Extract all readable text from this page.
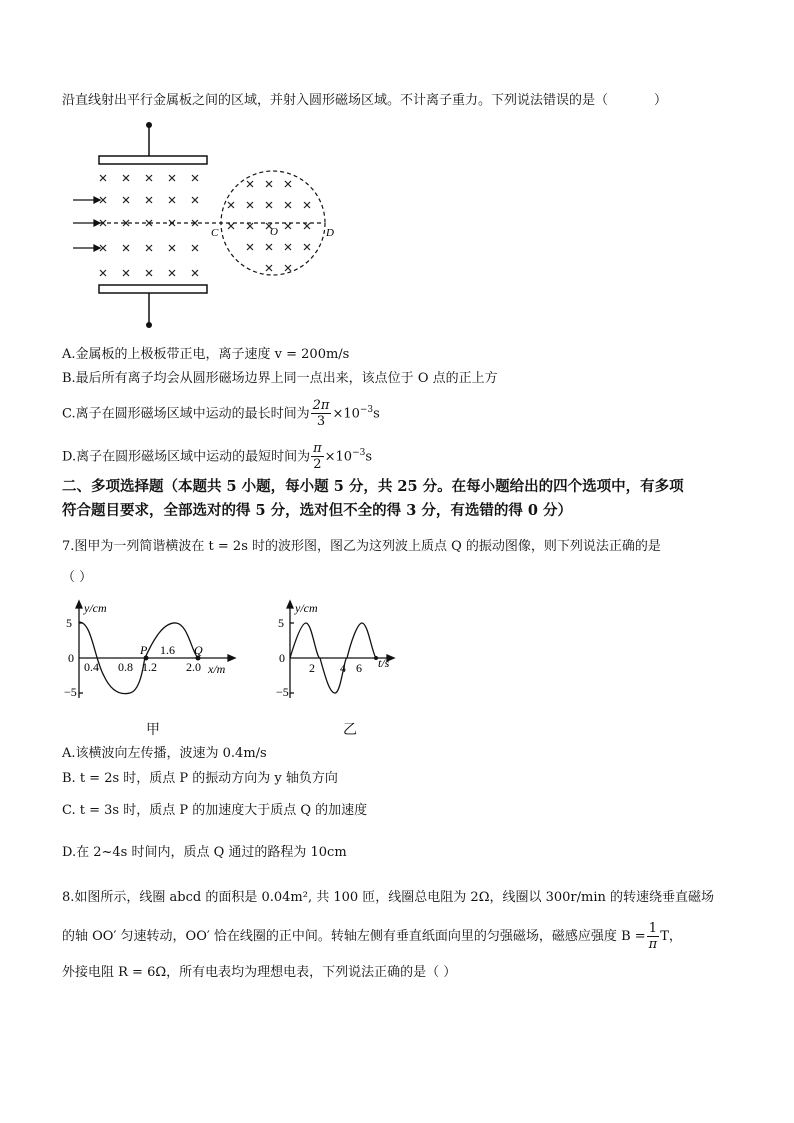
沿直线射出平行金属板之间的区域，并射入圆形磁场区域。不计离子重力。下列说法错误的是（	）
C	O	D
A.金属板的上极板带正电，离子速度 v = 200m/s
B.最后所有离子均会从圆形磁场边界上同一点出来，该点位于 O 点的正上方
C.离子在圆形磁场区域中运动的最长时间为 $\frac{2\pi}{3} \times 10^{-3}s$
D.离子在圆形磁场区域中运动的最短时间为 $\frac{\pi}{2} \times 10^{-3}s$
二、多项选择题（本题共 5 小题，每小题 5 分，共 25 分。在每小题给出的四个选项中，有多项
符合题目要求，全部选对的得 5 分，选对但不全的得 3 分，有选错的得 0 分）
7.图甲为一列简谐横波在 t = 2s 时的波形图，图乙为这列波上质点 Q 的振动图像，则下列说法正确的是
（ ）
y/cm
5
0
−5
0.4 0.8 1.2
1.6
2.0
P	Q
x/m
甲
y/cm
5
0
−5
2 4 6 t/s
乙
A.该横波向左传播，波速为 0.4m/s
B. t = 2s 时，质点 P 的振动方向为 y 轴负方向
C. t = 3s 时，质点 P 的加速度大于质点 Q 的加速度
D.在 2~4s 时间内，质点 Q 通过的路程为 10cm
8.如图所示，线圈 abcd 的面积是 0.04m², 共 100 匝，线圈总电阻为 2Ω，线圈以 300r/min 的转速绕垂直磁场
的轴 OO′ 匀速转动，OO′ 恰在线圈的正中间。转轴左侧有垂直纸面向里的匀强磁场，磁感应强度 $B = \frac{1}{\pi}$ T，
外接电阻 R = 6Ω，所有电表均为理想电表，下列说法正确的是（ ）
